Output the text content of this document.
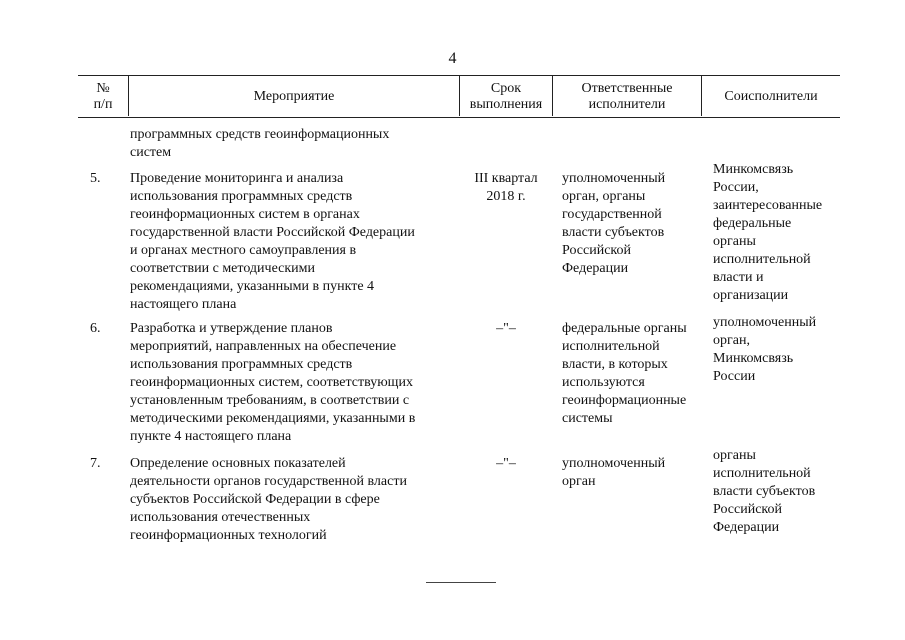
4
№
п/п
Мероприятие
Срок
выполнения
Ответственные
исполнители
Соисполнители
программных средств геоинформационных
систем
5. Проведение мониторинга и анализа
использования программных средств
геоинформационных систем в органах
государственной власти Российской Федерации
и органах местного самоуправления в
соответствии с методическими
рекомендациями, указанными в пункте 4
настоящего плана
III квартал
2018 г.
уполномоченный
орган, органы
государственной
власти субъектов
Российской
Федерации
Минкомсвязь
России,
заинтересованные
федеральные
органы
исполнительной
власти и
организации
6. Разработка и утверждение планов
мероприятий, направленных на обеспечение
использования программных средств
геоинформационных систем, соответствующих
установленным требованиям, в соответствии с
методическими рекомендациями, указанными в
пункте 4 настоящего плана
–"–	федеральные органы
исполнительной
власти, в которых
используются
геоинформационные
системы
уполномоченный
орган,
Минкомсвязь
России
7. Определение основных показателей
деятельности органов государственной власти
субъектов Российской Федерации в сфере
использования отечественных
геоинформационных технологий
–"–	уполномоченный
орган
органы
исполнительной
власти субъектов
Российской
Федерации
